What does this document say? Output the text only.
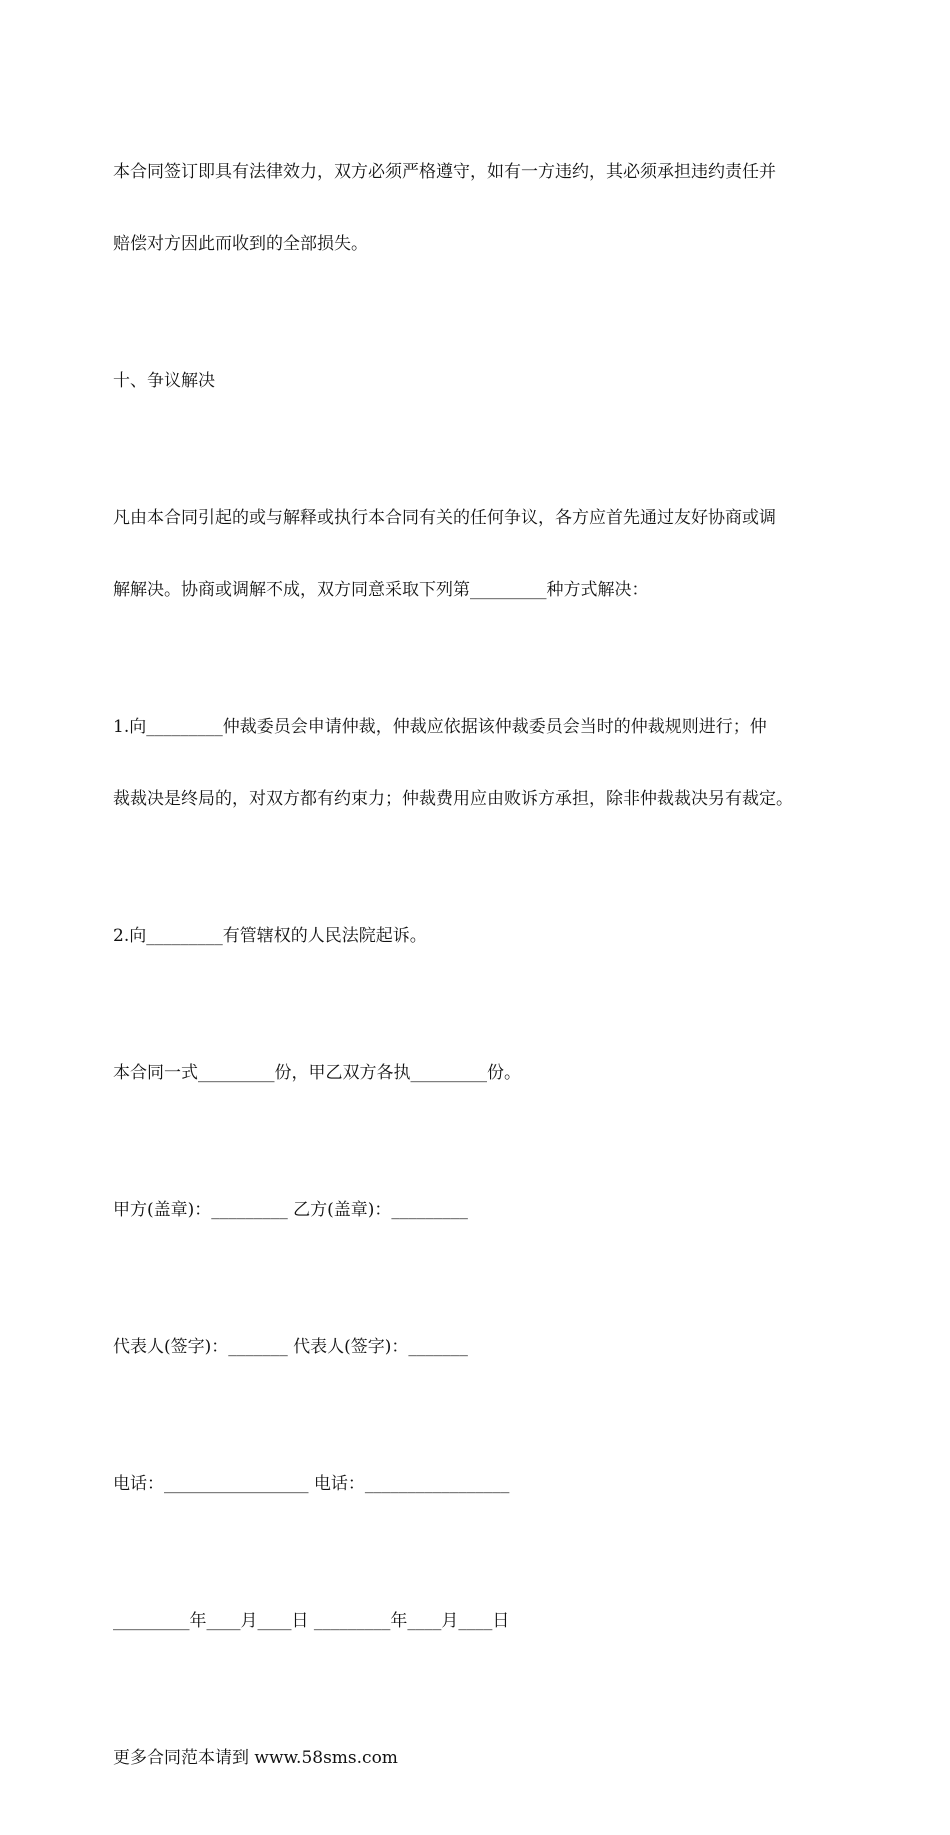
本合同签订即具有法律效力，双方必须严格遵守，如有一方违约，其必须承担违约责任并

赔偿对方因此而收到的全部损失。

十、争议解决

凡由本合同引起的或与解释或执行本合同有关的任何争议，各方应首先通过友好协商或调

解解决。协商或调解不成，双方同意采取下列第_________种方式解决：

1.向_________仲裁委员会申请仲裁，仲裁应依据该仲裁委员会当时的仲裁规则进行；仲

裁裁决是终局的，对双方都有约束力；仲裁费用应由败诉方承担，除非仲裁裁决另有裁定。

2.向_________有管辖权的人民法院起诉。

本合同一式_________份，甲乙双方各执_________份。

甲方(盖章)：_________ 乙方(盖章)：_________

代表人(签字)：_______ 代表人(签字)：_______

电话：_________________ 电话：_________________

_________年____月____日 _________年____月____日

更多合同范本请到 www.58sms.com
